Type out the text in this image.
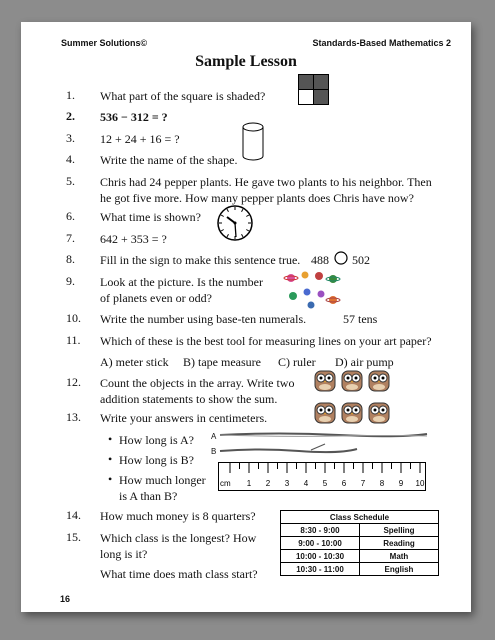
Summer Solutions©	Standards-Based Mathematics 2
Sample Lesson
1. What part of the square is shaded?
2. 536 − 312 = ?
3. 12 + 24 + 16 = ?
4. Write the name of the shape.
5. Chris had 24 pepper plants. He gave two plants to his neighbor. Then
he got five more. How many pepper plants does Chris have now?
6. What time is shown?
7. 642 + 353 = ?
8. Fill in the sign to make this sentence true. 488 502
9. Look at the picture. Is the number
of planets even or odd?
10. Write the number using base-ten numerals.	57 tens
11. Which of these is the best tool for measuring lines on your art paper?
A) meter stick B) tape measure C) ruler D) air pump
12. Count the objects in the array. Write two
addition statements to show the sum.
13. Write your answers in centimeters.
• How long is A?
• How long is B?
• How much longer
is A than B?
A
B
cm 1 2 3 4 5 6 7 8 9 10
14. How much money is 8 quarters?
15. Which class is the longest? How
long is it?
What time does math class start?
Class Schedule	
8:30 - 9:00	Spelling
9:00 - 10:00	Reading
10:00 - 10:30	Math
10:30 - 11:00	English
16
